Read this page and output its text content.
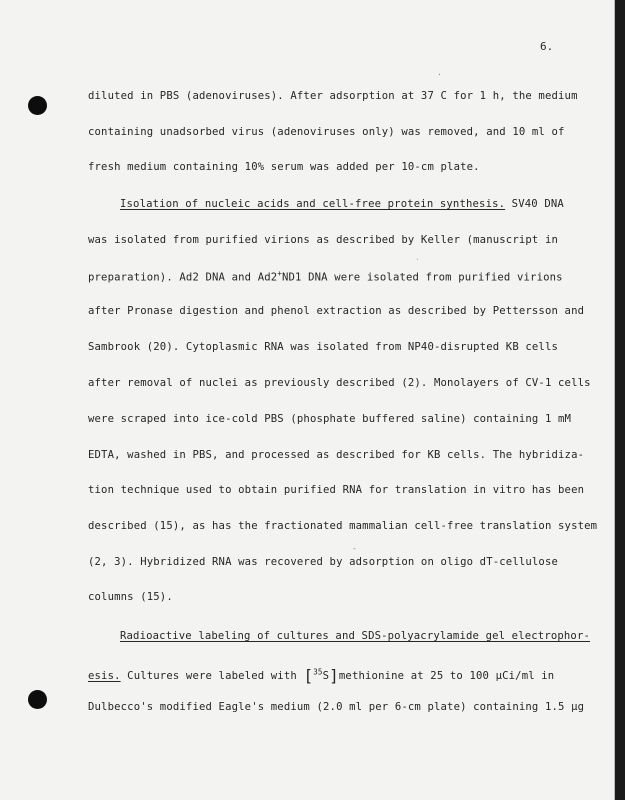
6.
diluted in PBS (adenoviruses). After adsorption at 37 C for 1 h, the medium
containing unadsorbed virus (adenoviruses only) was removed, and 10 ml of
fresh medium containing 10% serum was added per 10-cm plate.
Isolation of nucleic acids and cell-free protein synthesis. SV40 DNA
was isolated from purified virions as described by Keller (manuscript in
preparation). Ad2 DNA and Ad2+ND1 DNA were isolated from purified virions
after Pronase digestion and phenol extraction as described by Pettersson and
Sambrook (20). Cytoplasmic RNA was isolated from NP40-disrupted KB cells
after removal of nuclei as previously described (2). Monolayers of CV-1 cells
were scraped into ice-cold PBS (phosphate buffered saline) containing 1 mM
EDTA, washed in PBS, and processed as described for KB cells. The hybridiza-
tion technique used to obtain purified RNA for translation in vitro has been
described (15), as has the fractionated mammalian cell-free translation system
(2, 3). Hybridized RNA was recovered by adsorption on oligo dT-cellulose
columns (15).
Radioactive labeling of cultures and SDS-polyacrylamide gel electrophor-
esis. Cultures were labeled with [$^{35}$S]methionine at 25 to 100 μCi/ml in
Dulbecco's modified Eagle's medium (2.0 ml per 6-cm plate) containing 1.5 μg
·
ˊ
‐
